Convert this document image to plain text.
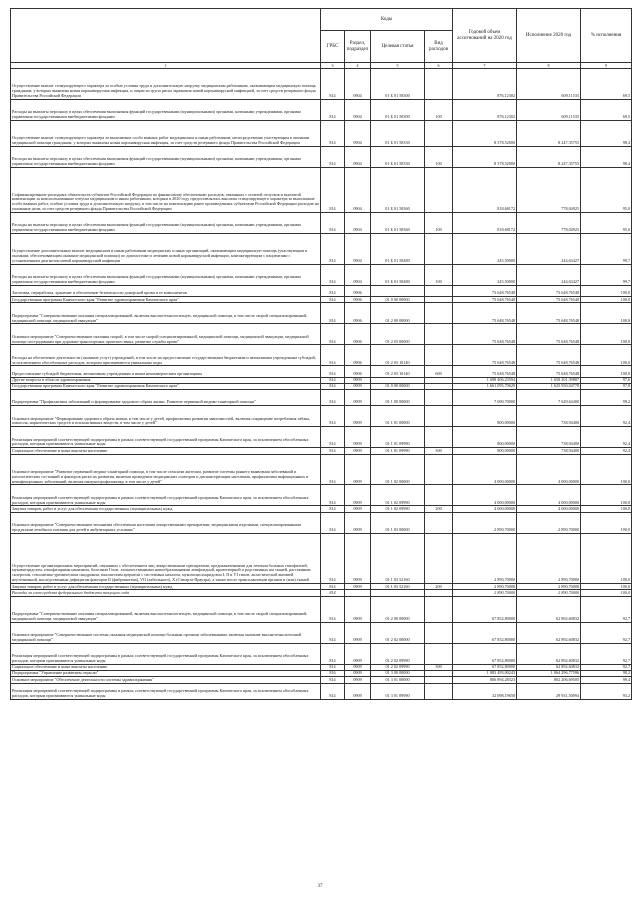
	Коды				Годовой объем ассигнований на 2020 год	Исполнение 2020 год	% исполнения
	ГРБС	Раздел, подраздел	Целевая статья	Вид расходов			
1	3	4	5	6	7	8	9
Осуществление выплат стимулирующего характера за особые условия труда и дополнительную нагрузку медицинским работникам, оказывающим медицинскую помощь гражданам, у которых выявлена новая коронавирусная инфекция, и лицам из групп риска заражения новой коронавирусной инфекцией, за счет средств резервного фонда Правительства Российской Федерации	814	0904	01 Б 01 58300		876,12302	609,11535	69,5
Расходы на выплаты персоналу в целях обеспечения выполнения функций государственными (муниципальными) органами, казенными учреждениями, органами управления государственными внебюджетными фондами	814	0904	01 Б 01 58300	100	876,12302	609,11535	69,5
Осуществление выплат стимулирующего характера за выполнение особо важных работ медицинским и иным работникам, непосредственно участвующим в оказании медицинской помощи гражданам, у которых выявлена новая коронавирусная инфекция, за счет средств резервного фонда Правительства Российской Федерации	814	0904	01 Б 01 58330		8 378,52000	8 247,35755	98,4
Расходы на выплаты персоналу в целях обеспечения выполнения функций государственными (муниципальными) органами, казенными учреждениями, органами управления государственными внебюджетными фондами	814	0904	01 Б 01 58330	100	8 378,52000	8 247,35755	98,4
Софинансирование расходных обязательств субъектов Российской Федерации по финансовому обеспечению расходов, связанных с оплатой отпусков и выплатой компенсации за неиспользованные отпуска медицинским и иным работникам, которым в 2020 году предоставлялись выплаты стимулирующего характера за выполнение особо важных работ, особые условия труда и дополнительную нагрузку, в том числе на компенсацию ранее произведенных субъектами Российской Федерации расходов на указанные цели, за счет средств резервного фонда Правительства Российской Федерации	814	0904	01 Б 01 58360		818,68172	778,04925	95,0
Расходы на выплаты персоналу в целях обеспечения выполнения функций государственными (муниципальными) органами, казенными учреждениями, органами управления государственными внебюджетными фондами	814	0904	01 Б 01 58360	100	818,68172	778,04925	95,0
Осуществление дополнительных выплат медицинским и иным работникам медицинских и иных организаций, оказывающим медицинскую помощь (участвующим в оказании, обеспечивающим оказание медицинской помощи) по диагностике и лечению новой коронавирусной инфекции, контактирующим с пациентами с установленным диагнозом новой коронавирусной инфекции	814	0904	01 Б 01 58480		245,50000	244,63427	99,7
Расходы на выплаты персоналу в целях обеспечения выполнения функций государственными (муниципальными) органами, казенными учреждениями, органами управления государственными внебюджетными фондами	814	0904	01 Б 01 58480	100	245,50000	244,63427	99,7
Заготовка, переработка, хранение и обеспечение безопасности донорской крови и ее компонентов	814	0906			75 648,76548	75 648,76548	100,0
Государственная программа Камчатского края "Развитие здравоохранения Камчатского края"	814	0906	01 0 00 00000		75 648,76548	75 648,76548	100,0
Подпрограмма "Совершенствование оказания специализированной, включая высокотехнологичную, медицинской помощи, в том числе скорой специализированной, медицинской помощи, медицинской эвакуации"	814	0906	01 2 00 00000		75 648,76548	75 648,76548	100,0
Основное мероприятие "Совершенствование оказания скорой, в том числе скорой специализированной, медицинской помощи, медицинской эвакуации, медицинской помощи пострадавшим при дорожно-транспортных происшествиях, развитие службы крови"	814	0906	01 2 03 00000		75 648,76548	75 648,76548	100,0
Расходы на обеспечение деятельности (оказание услуг) учреждений, в том числе на предоставление государственным бюджетным и автономным учреждениям субсидий, за исключением обособленных расходов, которым присваиваются уникальные коды	814	0906	01 2 03 10140		75 648,76548	75 648,76548	100,0
Предоставление субсидий бюджетным, автономным учреждениям и иным некоммерческим организациям	814	0906	01 2 03 10140	600	75 648,76548	75 648,76548	100,0
Другие вопросы в области здравоохранения	814	0909			1 698 406,23594	1 658 201,39887	97,6
Государственная программа Камчатского края "Развитие здравоохранения Камчатского края"	814	0909	01 0 00 00000		1 661 095,70629	1 625 950,04778	97,8
Подпрограмма "Профилактика заболеваний и формирование здорового образа жизни. Развитие первичной медико-санитарной помощи"	814	0909	01 1 00 00000		7 690,70000	7 629,64400	99,2
Основное мероприятие "Формирование здорового образа жизни, в том числе у детей, профилактика развития зависимостей, включая сокращение потребления табака, алкоголя, наркотических средств и психоактивных веществ, в том числе у детей"	814	0909	01 1 01 00000		800,00000	738,94400	92,4
Реализация мероприятий соответствующей подпрограммы в рамках соответствующей государственной программы Камчатского края, за исключением обособленных расходов, которым присваиваются уникальные коды	814	0909	01 1 01 09990		800,00000	738,94400	92,4
Социальное обеспечение и иные выплаты населению	814	0909	01 1 01 09990	300	800,00000	738,94400	92,4
Основное мероприятие "Развитие первичной медико-санитарной помощи, в том числе сельским жителям, развитие системы раннего выявления заболеваний и патологических состояний и факторов риска их развития, включая проведение медицинских осмотров и диспансеризации населения, профилактика инфекционных и неинфекционных заболеваний, включая иммунопрофилактику, в том числе у детей"	814	0909	01 1 02 00000		4 000,00000	4 000,00000	100,0
Реализация мероприятий соответствующей подпрограммы в рамках соответствующей государственной программы Камчатского края, за исключением обособленных расходов, которым присваиваются уникальные коды	814	0909	01 1 02 09990		4 000,00000	4 000,00000	100,0
Закупка товаров, работ и услуг для обеспечения государственных (муниципальных) нужд	814	0909	01 1 02 09990	200	4 000,00000	4 000,00000	100,0
Основное мероприятие "Совершенствование механизма обеспечения населения лекарственными препаратами, медицинскими изделиями, специализированными продуктами лечебного питания для детей в амбулаторных условиях"	814	0909	01 1 03 00000		2 890,70000	2 890,70000	100,0
Осуществление организационных мероприятий, связанных с обеспечением лиц лекарственными препаратами, предназначенными для лечения больных гемофилией, муковисцидозом, гипофизарным нанизмом, болезнью Гоше, злокачественными новообразованиями лимфоидной, кроветворной и родственных им тканей, рассеянным склерозом, гемолитико-уремическим синдромом, юношеским артритом с системным началом, мукополисахаридозом I, II и VI типов, апластической анемией неуточненной, наследственным дефицитом факторов II (фибриногена), VII (лабильного), X (Стюарта-Прауэра), а также после трансплантации органов и (или) тканей	814	0909	01 1 03 52160		2 890,70000	2 890,70000	100,0
Закупка товаров, работ и услуг для обеспечения государственных (муниципальных) нужд	814	0909	01 1 03 52160	200	2 890,70000	2 890,70000	100,0
Расходы за счет средств федерального бюджета текущего года	814				2 890,70000	2 890,70000	100,0
Подпрограмма "Совершенствование оказания специализированной, включая высокотехнологичную, медицинской помощи, в том числе скорой специализированной, медицинской помощи, медицинской эвакуации"	814	0909	01 2 00 00000		67 852,80000	62 892,60832	92,7
Основное мероприятие "Совершенствование системы оказания медицинской помощи больным прочими заболеваниями, включая оказание высокотехнологичной медицинской помощи"	814	0909	01 2 02 00000		67 852,80000	62 892,60832	92,7
Реализация мероприятий соответствующей подпрограммы в рамках соответствующей государственной программы Камчатского края, за исключением обособленных расходов, которым присваиваются уникальные коды	814	0909	01 2 02 09990		67 852,80000	62 892,60832	92,7
Социальное обеспечение и иные выплаты населению	814	0909	01 2 02 09990	300	67 852,80000	62 892,60832	92,7
Подпрограмма "Управление развитием отрасли"	816	0909	01 3 00 00000		1 083 493,00243	1 064 296,77596	98,2
Основное мероприятие "Обеспечение деятельности системы здравоохранения"	814	0909	01 3 01 00000		806 894,28323	802 206,69505	99,4
Реализация мероприятий соответствующей подпрограммы в рамках соответствующей государственной программы Камчатского края, за исключением обособленных расходов, которым присваиваются уникальные коды	814	0909	01 3 01 09990		32 098,19658	29 931,50094	93,2
37
